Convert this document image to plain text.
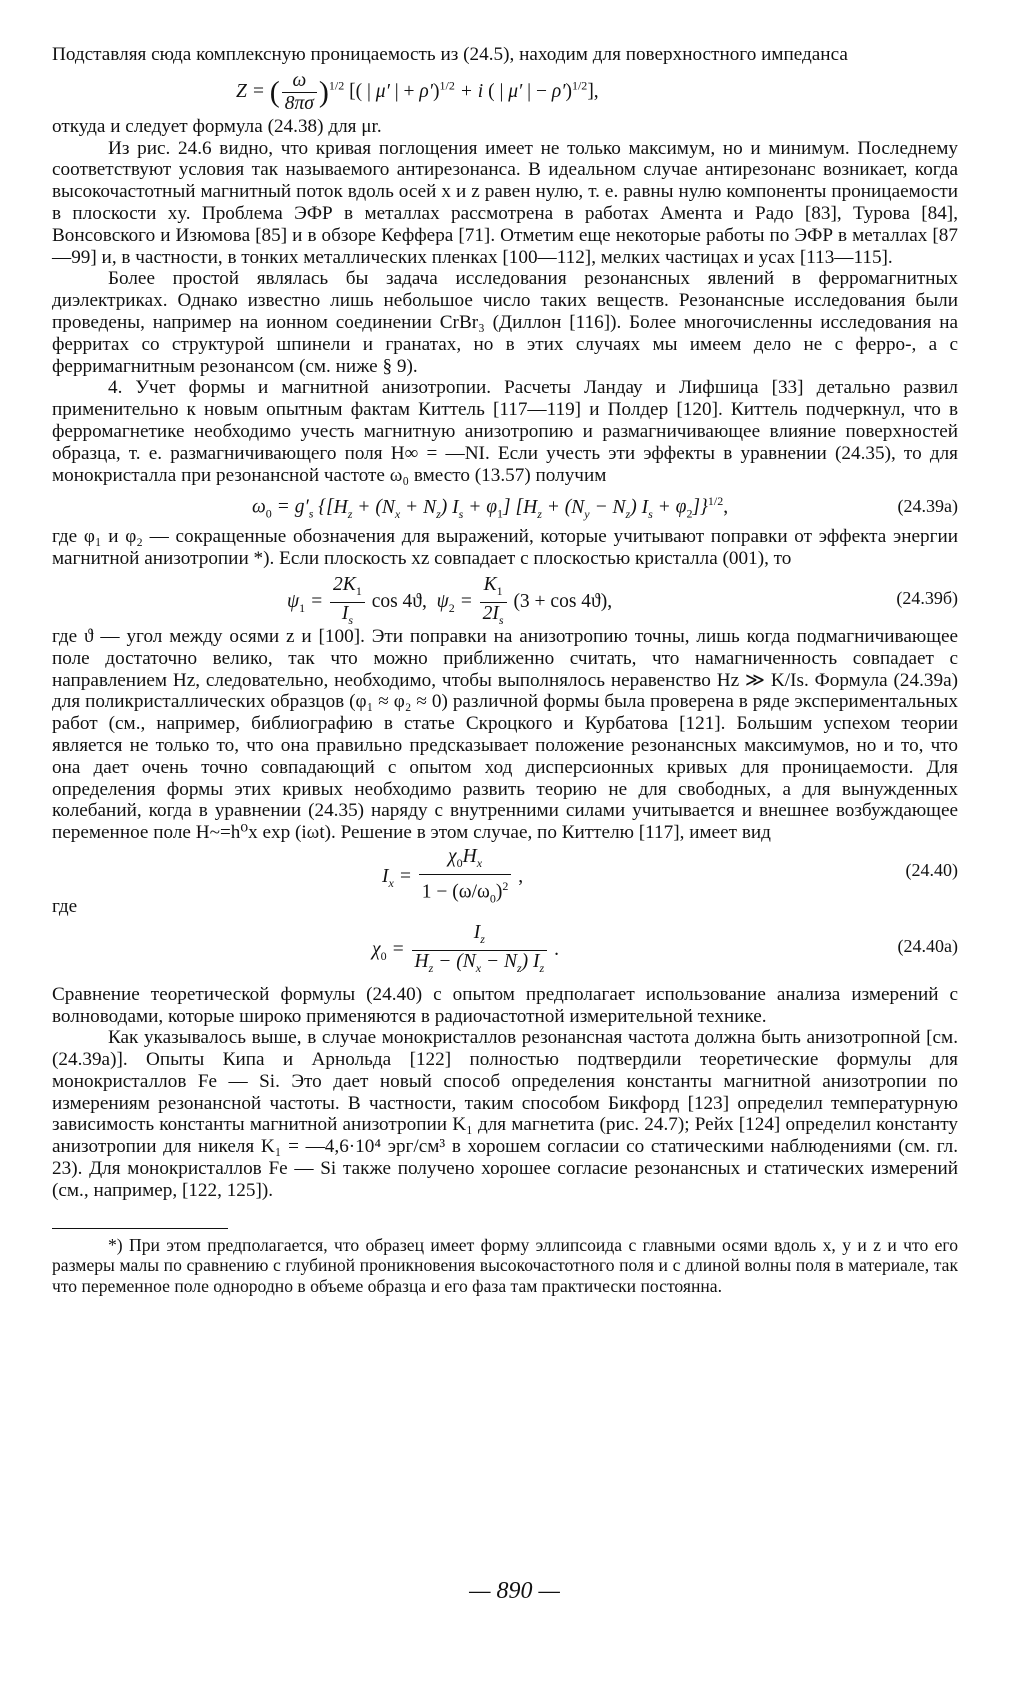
Подставляя сюда комплексную проницаемость из (24.5), находим для поверхностного импеданса

Z = ( $\frac{\omega}{8\pi\sigma} )^{1/2}$ [( | μ′ | + ρ′)$^{1/2}$ + i ( | μ′ | − ρ′)$^{1/2}$],

откуда и следует формула (24.38) для μr.

Из рис. 24.6 видно, что кривая поглощения имеет не только максимум, но и минимум. Последнему соответствуют условия так называемого антирезонанса. В идеальном случае антирезонанс возникает, когда высокочастотный магнитный поток вдоль осей x и z равен нулю, т. е. равны нулю компоненты проницаемости в плоскости xy. Проблема ЭФР в металлах рассмотрена в работах Амента и Радо [83], Турова [84], Вонсовского и Изюмова [85] и в обзоре Кеффера [71]. Отметим еще некоторые работы по ЭФР в металлах [87—99] и, в частности, в тонких металлических пленках [100—112], мелких частицах и усах [113—115].

Более простой являлась бы задача исследования резонансных явлений в ферромагнитных диэлектриках. Однако известно лишь небольшое число таких веществ. Резонансные исследования были проведены, например на ионном соединении CrBr₃ (Диллон [116]). Более многочисленны исследования на ферритах со структурой шпинели и гранатах, но в этих случаях мы имеем дело не с ферро-, а с ферримагнитным резонансом (см. ниже § 9).

4. Учет формы и магнитной анизотропии. Расчеты Ландау и Лифшица [33] детально развил применительно к новым опытным фактам Киттель [117—119] и Полдер [120]. Киттель подчеркнул, что в ферромагнетике необходимо учесть магнитную анизотропию и размагничивающее влияние поверхностей образца, т. е. размагничивающего поля H∞ = —NI. Если учесть эти эффекты в уравнении (24.35), то для монокристалла при резонансной частоте ω₀ вместо (13.57) получим

$\omega_0 = g'_s$ $\{[H_z + (N_x + N_z) I_s + \varphi_1] [H_z + (N_y - N_z) I_s + \varphi_2]\}^{1/2}$,	(24.39а)

где φ₁ и φ₂ — сокращенные обозначения для выражений, которые учитывают поправки от эффекта энергии магнитной анизотропии *). Если плоскость xz совпадает с плоскостью кристалла (001), то

$\psi_1 = \frac{2K_1}{I_s}$ cos 4ϑ,  $\psi_2 = \frac{K_1}{2I_s} (3 + \cos 4ϑ)$,	(24.39б)

где ϑ — угол между осями z и [100]. Эти поправки на анизотропию точны, лишь когда подмагничивающее поле достаточно велико, так что можно приближенно считать, что намагниченность совпадает с направлением Hz, следовательно, необходимо, чтобы выполнялось неравенство Hz ≫ K/Is. Формула (24.39а) для поликристаллических образцов (φ₁ ≈ φ₂ ≈ 0) различной формы была проверена в ряде экспериментальных работ (см., например, библиографию в статье Скроцкого и Курбатова [121]. Большим успехом теории является не только то, что она правильно предсказывает положение резонансных максимумов, но и то, что она дает очень точно совпадающий с опытом ход дисперсионных кривых для проницаемости. Для определения формы этих кривых необходимо развить теорию не для свободных, а для вынужденных колебаний, когда в уравнении (24.35) наряду с внутренними силами учитывается и внешнее возбуждающее переменное поле H~=h⁰x exp (iωt). Решение в этом случае, по Киттелю [117], имеет вид

$I_x = \frac{\chi_0H_x}{1 - (\omega/\omega_0)^2}$ ,	(24.40)

где

$\chi_0 = \frac{I_z}{H_z - (N_x - N_z) I_z}$ .	(24.40а)

Сравнение теоретической формулы (24.40) с опытом предполагает использование анализа измерений с волноводами, которые широко применяются в радиочастотной измерительной технике.

Как указывалось выше, в случае монокристаллов резонансная частота должна быть анизотропной [см. (24.39а)]. Опыты Кипа и Арнольда [122] полностью подтвердили теоретические формулы для монокристаллов Fe — Si. Это дает новый способ определения константы магнитной анизотропии по измерениям резонансной частоты. В частности, таким способом Бикфорд [123] определил температурную зависимость константы магнитной анизотропии K₁ для магнетита (рис. 24.7); Рейх [124] определил константу анизотропии для никеля K₁ = —4,6·10⁴ эрг/см³ в хорошем согласии со статическими наблюдениями (см. гл. 23). Для монокристаллов Fe — Si также получено хорошее согласие резонансных и статических измерений (см., например, [122, 125]).

*) При этом предполагается, что образец имеет форму эллипсоида с главными осями вдоль x, y и z и что его размеры малы по сравнению с глубиной проникновения высокочастотного поля и с длиной волны поля в материале, так что переменное поле однородно в объеме образца и его фаза там практически постоянна.

— 890 —
